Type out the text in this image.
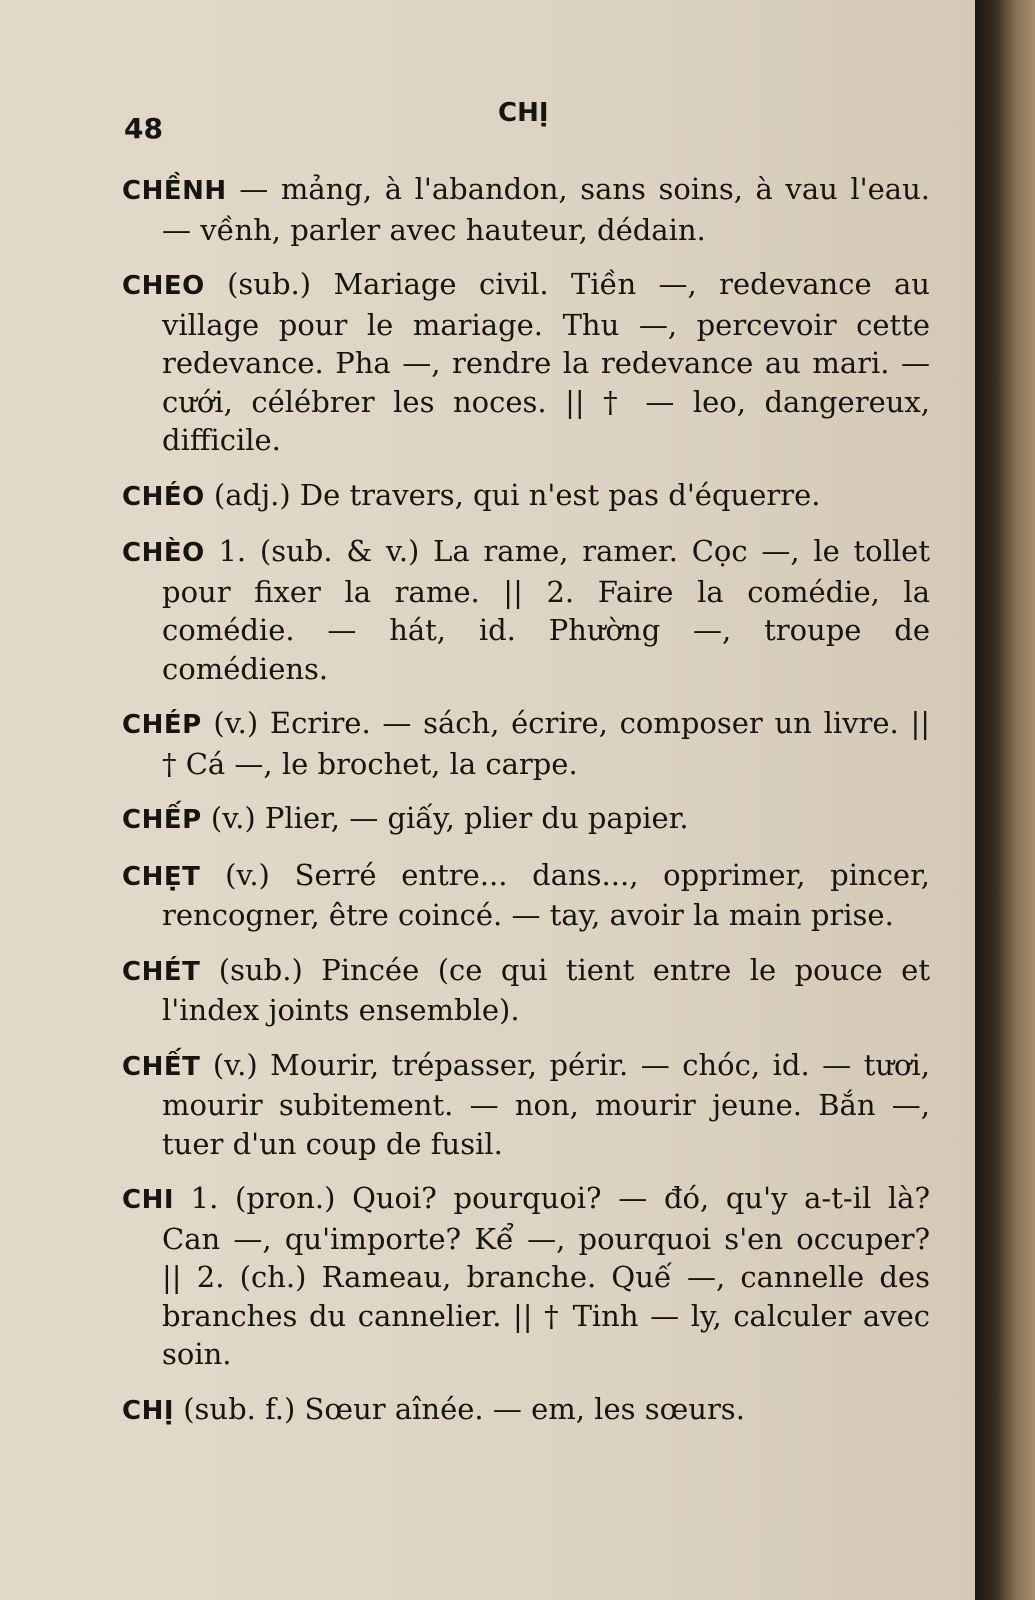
48	CHỊ

CHỀNH — mảng, à l'abandon, sans soins, à vau l'eau. — vềnh, parler avec hauteur, dédain.

CHEO (sub.) Mariage civil. Tiền —, redevance au village pour le mariage. Thu —, percevoir cette redevance. Pha —, rendre la redevance au mari. — cưới, célébrer les noces. || † — leo, dangereux, difficile.

CHÉO (adj.) De travers, qui n'est pas d'équerre.

CHÈO 1. (sub. & v.) La rame, ramer. Cọc —, le tollet pour fixer la rame. || 2. Faire la comédie, la comédie. — hát, id. Phường —, troupe de comédiens.

CHÉP (v.) Ecrire. — sách, écrire, composer un livre. || † Cá —, le brochet, la carpe.

CHẾP (v.) Plier, — giấy, plier du papier.

CHẸT (v.) Serré entre... dans..., opprimer, pincer, rencogner, être coincé. — tay, avoir la main prise.

CHÉT (sub.) Pincée (ce qui tient entre le pouce et l'index joints ensemble).

CHẾT (v.) Mourir, trépasser, périr. — chóc, id. — tươi, mourir subitement. — non, mourir jeune. Bắn —, tuer d'un coup de fusil.

CHI 1. (pron.) Quoi? pourquoi? — đó, qu'y a-t-il là? Can —, qu'importe? Kể —, pourquoi s'en occuper? || 2. (ch.) Rameau, branche. Quế —, cannelle des branches du cannelier. || † Tinh — ly, calculer avec soin.

CHỊ (sub. f.) Sœur aînée. — em, les sœurs.
